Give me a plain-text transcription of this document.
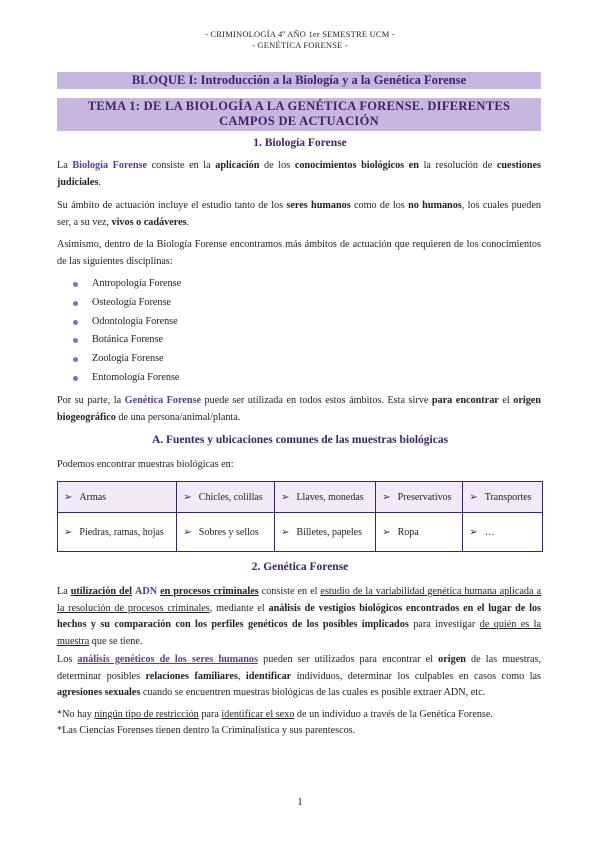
- CRIMINOLOGÍA 4º AÑO 1er SEMESTRE UCM -
- GENÉTICA FORENSE -
BLOQUE I: Introducción a la Biología y a la Genética Forense
TEMA 1: DE LA BIOLOGÍA A LA GENÉTICA FORENSE. DIFERENTES
CAMPOS DE ACTUACIÓN
1. Biología Forense

La Biología Forense consiste en la aplicación de los conocimientos biológicos en la resolución de cuestiones judiciales.

Su ámbito de actuación incluye el estudio tanto de los seres humanos como de los no humanos, los cuales pueden ser, a su vez, vivos o cadáveres.

Asimismo, dentro de la Biología Forense encontramos más ámbitos de actuación que requieren de los conocimientos de las siguientes disciplinas:

Antropología Forense
Osteología Forense
Odontología Forense
Botánica Forense
Zoología Forense
Entomología Forense

Por su parte, la Genética Forense puede ser utilizada en todos estos ámbitos. Esta sirve para encontrar el origen biogeográfico de una persona/animal/planta.

A. Fuentes y ubicaciones comunes de las muestras biológicas

Podemos encontrar muestras biológicas en:

➢ Armas	➢ Chicles, colillas	➢ Llaves, monedas	➢ Preservativos	➢ Transportes
➢ Piedras, ramas, hojas	➢ Sobres y sellos	➢ Billetes, papeles	➢ Ropa	➢ …
2. Genética Forense

La utilización del ADN en procesos criminales consiste en el estudio de la variabilidad genética humana aplicada a la resolución de procesos criminales, mediante el análisis de vestigios biológicos encontrados en el lugar de los hechos y su comparación con los perfiles genéticos de los posibles implicados para investigar de quién es la muestra que se tiene.

Los análisis genéticos de los seres humanos pueden ser utilizados para encontrar el origen de las muestras, determinar posibles relaciones familiares, identificar individuos, determinar los culpables en casos como las agresiones sexuales cuando se encuentren muestras biológicas de las cuales es posible extraer ADN, etc.

*No hay ningún tipo de restricción para identificar el sexo de un individuo a través de la Genética Forense.

*Las Ciencias Forenses tienen dentro la Criminalística y sus parentescos.

1
